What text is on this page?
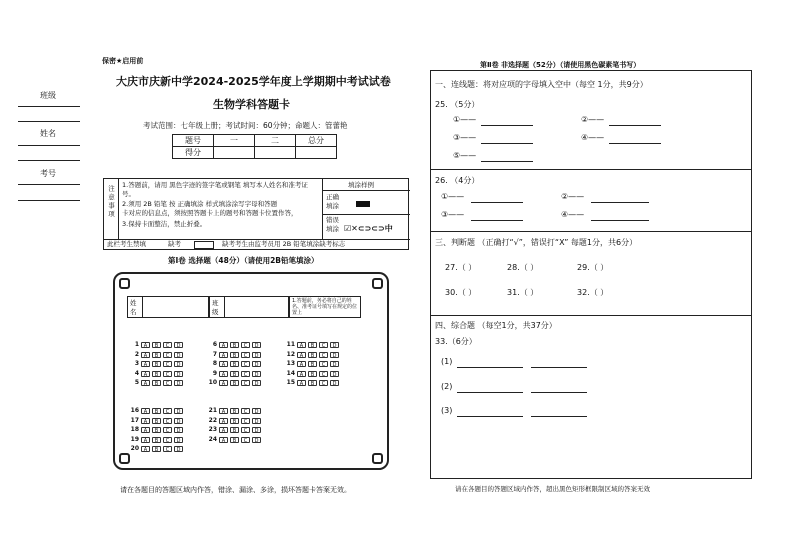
班级
姓名
考号
保密★启用前
大庆市庆新中学2024-2025学年度上学期期中考试试卷
生物学科答题卡
考试范围：七年级上册；考试时间：60分钟；命题人：管蕾艳
题号	一	二	总分
得分			
注意事项 1.答题前，请用 黑色字迹的签字笔或钢笔 填写本人姓名和准考证号。
2.须用 2B 铅笔 按 正确填涂 样式填涂涂写字母和答题
卡对应的信息点，须按照答题卡上的题号和答题卡位置作答，
3.保持卡面整洁，禁止折叠。
填涂样例
正确填涂
错误填涂 ☑✕⊂⊃⊂⊃中
此栏考生禁填	缺考	缺考考生由监考员用 2B 铅笔填涂缺考标志
第Ⅰ卷 选择题（48分）（请使用2B铅笔填涂）
姓名
班级
1.答题前，务必将自己的姓名、准考证号填写在规定的位置上
1 A	B	C	D
2 A	B	C	D
3 A	B	C	D
4 A	B	C	D
5 A	B	C	D
6 A	B	C	D
7 A	B	C	D
8 A	B	C	D
9 A	B	C	D
10 A	B	C	D
11 A	B	C	D
12 A	B	C	D
13 A	B	C	D
14 A	B	C	D
15 A	B	C	D
16 A	B	C	D
17 A	B	C	D
18 A	B	C	D
19 A	B	C	D
20 A	B	C	D
21 A	B	C	D
22 A	B	C	D
23 A	B	C	D
24 A	B	C	D
请在各题目的答题区域内作答，错涂、漏涂、多涂，损坏答题卡答案无效。
第Ⅱ卷 非选择题（52分）（请使用黑色碳素笔书写）
一、连线题：将对应项的字母填入空中（每空 1分，共9分）
25. （5分）
①——	②——
③——	④——
⑤——
26. （4分）
①——	②——
③——	④——
三、判断题 （正确打“√”，错误打“X” 每题1分，共6分）
27.（ ）	28.（ ）	29.（ ）
30.（ ）	31.（ ）	32.（ ）
四、综合题 （每空1分，共37分）
33.（6分）
(1)
(2)
(3)
请在各题目的答题区域内作答，超出黑色矩形框限制区域的答案无效
